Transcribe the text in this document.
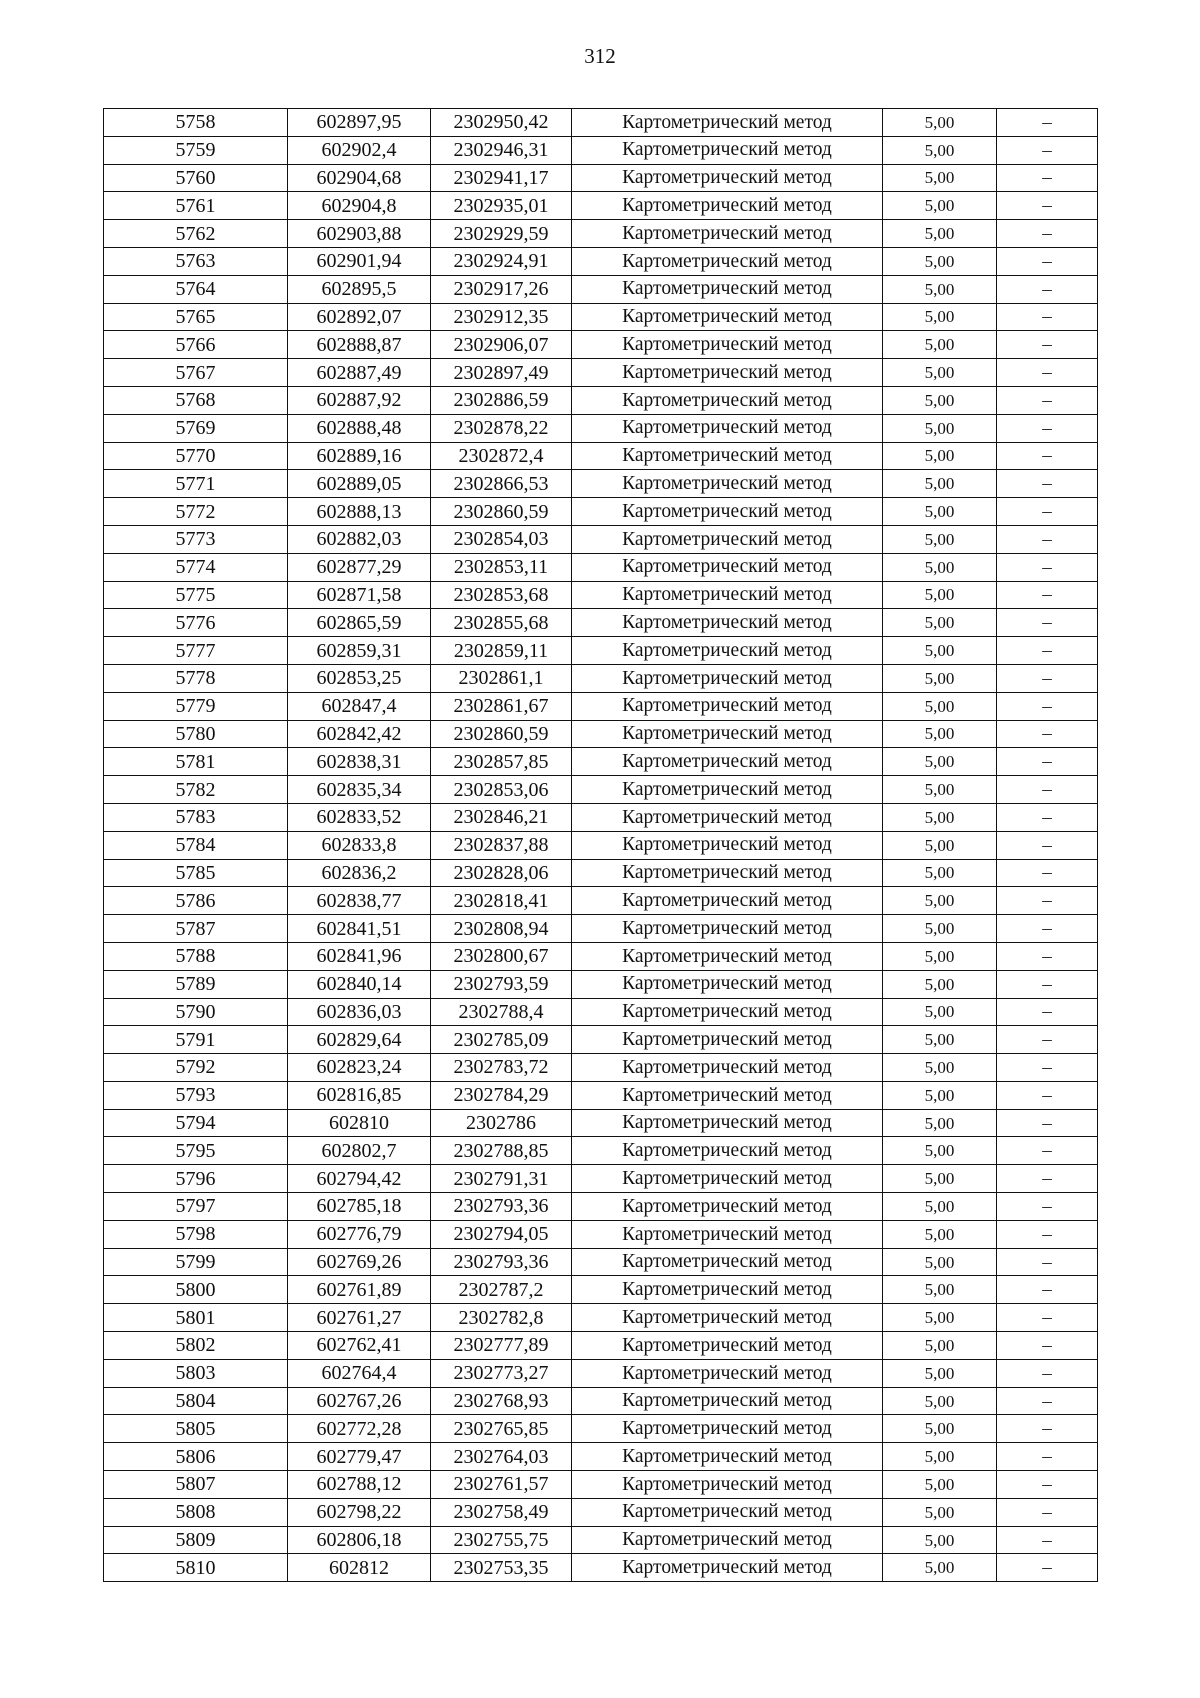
312
5758	602897,95	2302950,42	Картометрический метод	5,00	–
5759	602902,4	2302946,31	Картометрический метод	5,00	–
5760	602904,68	2302941,17	Картометрический метод	5,00	–
5761	602904,8	2302935,01	Картометрический метод	5,00	–
5762	602903,88	2302929,59	Картометрический метод	5,00	–
5763	602901,94	2302924,91	Картометрический метод	5,00	–
5764	602895,5	2302917,26	Картометрический метод	5,00	–
5765	602892,07	2302912,35	Картометрический метод	5,00	–
5766	602888,87	2302906,07	Картометрический метод	5,00	–
5767	602887,49	2302897,49	Картометрический метод	5,00	–
5768	602887,92	2302886,59	Картометрический метод	5,00	–
5769	602888,48	2302878,22	Картометрический метод	5,00	–
5770	602889,16	2302872,4	Картометрический метод	5,00	–
5771	602889,05	2302866,53	Картометрический метод	5,00	–
5772	602888,13	2302860,59	Картометрический метод	5,00	–
5773	602882,03	2302854,03	Картометрический метод	5,00	–
5774	602877,29	2302853,11	Картометрический метод	5,00	–
5775	602871,58	2302853,68	Картометрический метод	5,00	–
5776	602865,59	2302855,68	Картометрический метод	5,00	–
5777	602859,31	2302859,11	Картометрический метод	5,00	–
5778	602853,25	2302861,1	Картометрический метод	5,00	–
5779	602847,4	2302861,67	Картометрический метод	5,00	–
5780	602842,42	2302860,59	Картометрический метод	5,00	–
5781	602838,31	2302857,85	Картометрический метод	5,00	–
5782	602835,34	2302853,06	Картометрический метод	5,00	–
5783	602833,52	2302846,21	Картометрический метод	5,00	–
5784	602833,8	2302837,88	Картометрический метод	5,00	–
5785	602836,2	2302828,06	Картометрический метод	5,00	–
5786	602838,77	2302818,41	Картометрический метод	5,00	–
5787	602841,51	2302808,94	Картометрический метод	5,00	–
5788	602841,96	2302800,67	Картометрический метод	5,00	–
5789	602840,14	2302793,59	Картометрический метод	5,00	–
5790	602836,03	2302788,4	Картометрический метод	5,00	–
5791	602829,64	2302785,09	Картометрический метод	5,00	–
5792	602823,24	2302783,72	Картометрический метод	5,00	–
5793	602816,85	2302784,29	Картометрический метод	5,00	–
5794	602810	2302786	Картометрический метод	5,00	–
5795	602802,7	2302788,85	Картометрический метод	5,00	–
5796	602794,42	2302791,31	Картометрический метод	5,00	–
5797	602785,18	2302793,36	Картометрический метод	5,00	–
5798	602776,79	2302794,05	Картометрический метод	5,00	–
5799	602769,26	2302793,36	Картометрический метод	5,00	–
5800	602761,89	2302787,2	Картометрический метод	5,00	–
5801	602761,27	2302782,8	Картометрический метод	5,00	–
5802	602762,41	2302777,89	Картометрический метод	5,00	–
5803	602764,4	2302773,27	Картометрический метод	5,00	–
5804	602767,26	2302768,93	Картометрический метод	5,00	–
5805	602772,28	2302765,85	Картометрический метод	5,00	–
5806	602779,47	2302764,03	Картометрический метод	5,00	–
5807	602788,12	2302761,57	Картометрический метод	5,00	–
5808	602798,22	2302758,49	Картометрический метод	5,00	–
5809	602806,18	2302755,75	Картометрический метод	5,00	–
5810	602812	2302753,35	Картометрический метод	5,00	–
